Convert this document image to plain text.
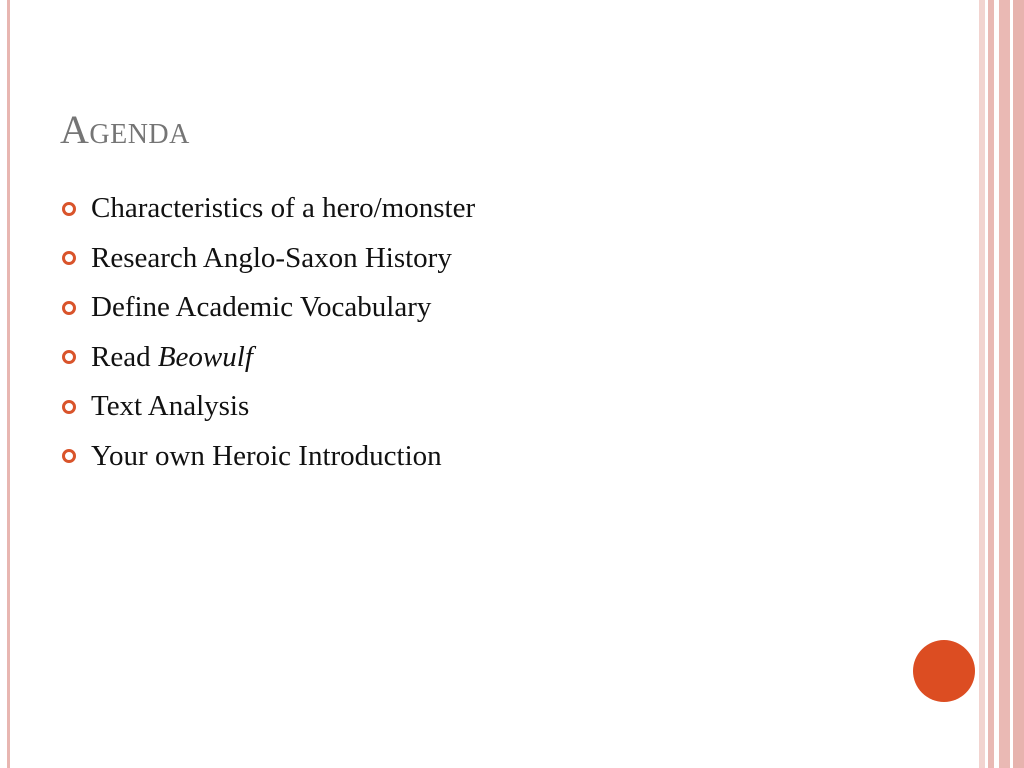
Agenda
Characteristics of a hero/monster
Research Anglo-Saxon History
Define Academic Vocabulary
Read
Beowulf
Text Analysis
Your own Heroic Introduction
